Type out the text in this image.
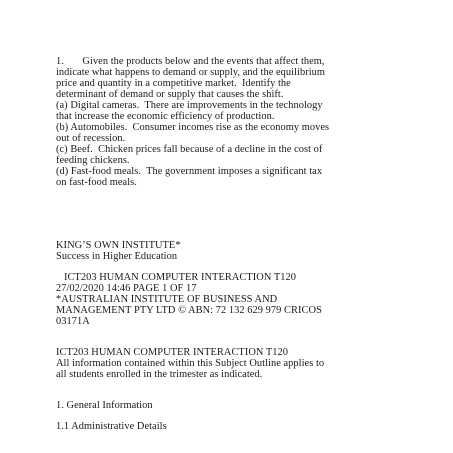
1.       Given the products below and the events that affect them,
indicate what happens to demand or supply, and the equilibrium
price and quantity in a competitive market.  Identify the
determinant of demand or supply that causes the shift.
(a) Digital cameras.  There are improvements in the technology
that increase the economic efficiency of production.
(b) Automobiles.  Consumer incomes rise as the economy moves
out of recession.
(c) Beef.  Chicken prices fall because of a decline in the cost of
feeding chickens.
(d) Fast-food meals.  The government imposes a significant tax
on fast-food meals.
KING’S OWN INSTITUTE*
Success in Higher Education
ICT203 HUMAN COMPUTER INTERACTION T120
27/02/2020 14:46 PAGE 1 OF 17
*AUSTRALIAN INSTITUTE OF BUSINESS AND
MANAGEMENT PTY LTD © ABN: 72 132 629 979 CRICOS
03171A
ICT203 HUMAN COMPUTER INTERACTION T120
All information contained within this Subject Outline applies to
all students enrolled in the trimester as indicated.
1. General Information
1.1 Administrative Details
